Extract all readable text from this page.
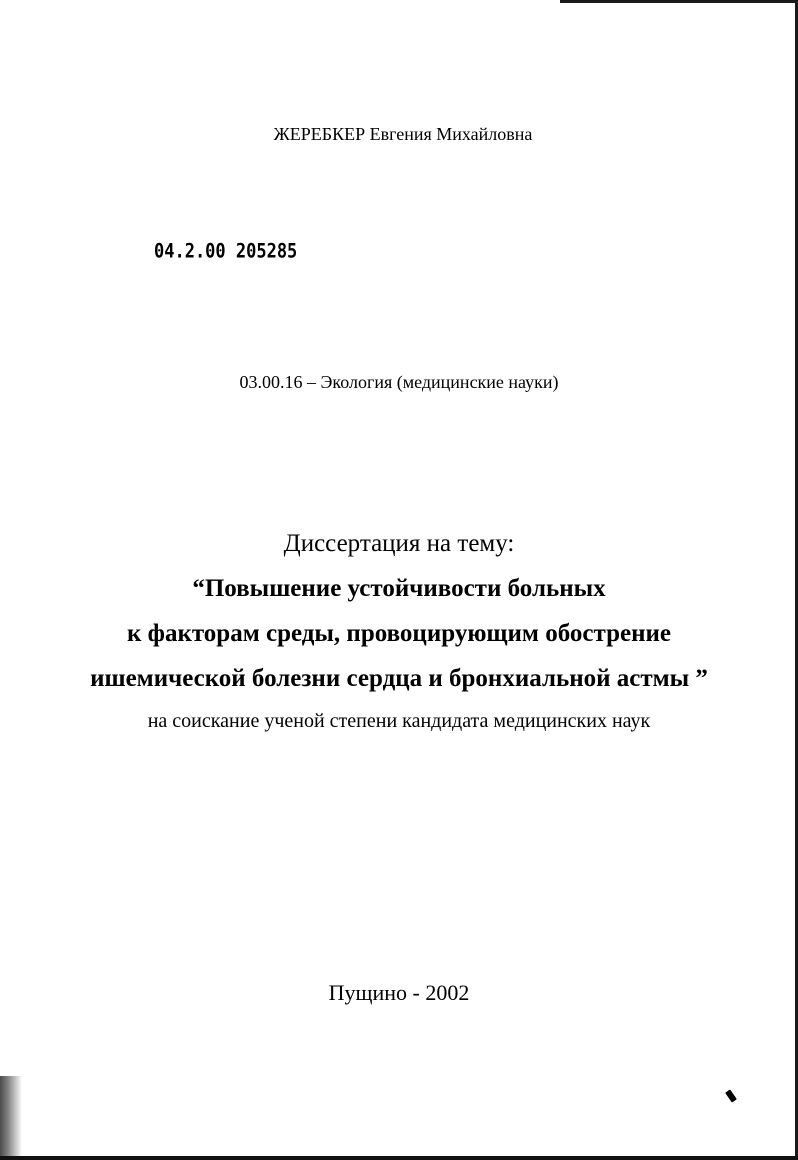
ЖЕРЕБКЕР Евгения Михайловна
04.2.00 205285
03.00.16 – Экология (медицинские науки)
Диссертация на тему:
“Повышение устойчивости больных
к факторам среды, провоцирующим обострение
ишемической болезни сердца и бронхиальной астмы ”
на соискание ученой степени кандидата медицинских наук
Пущино - 2002
